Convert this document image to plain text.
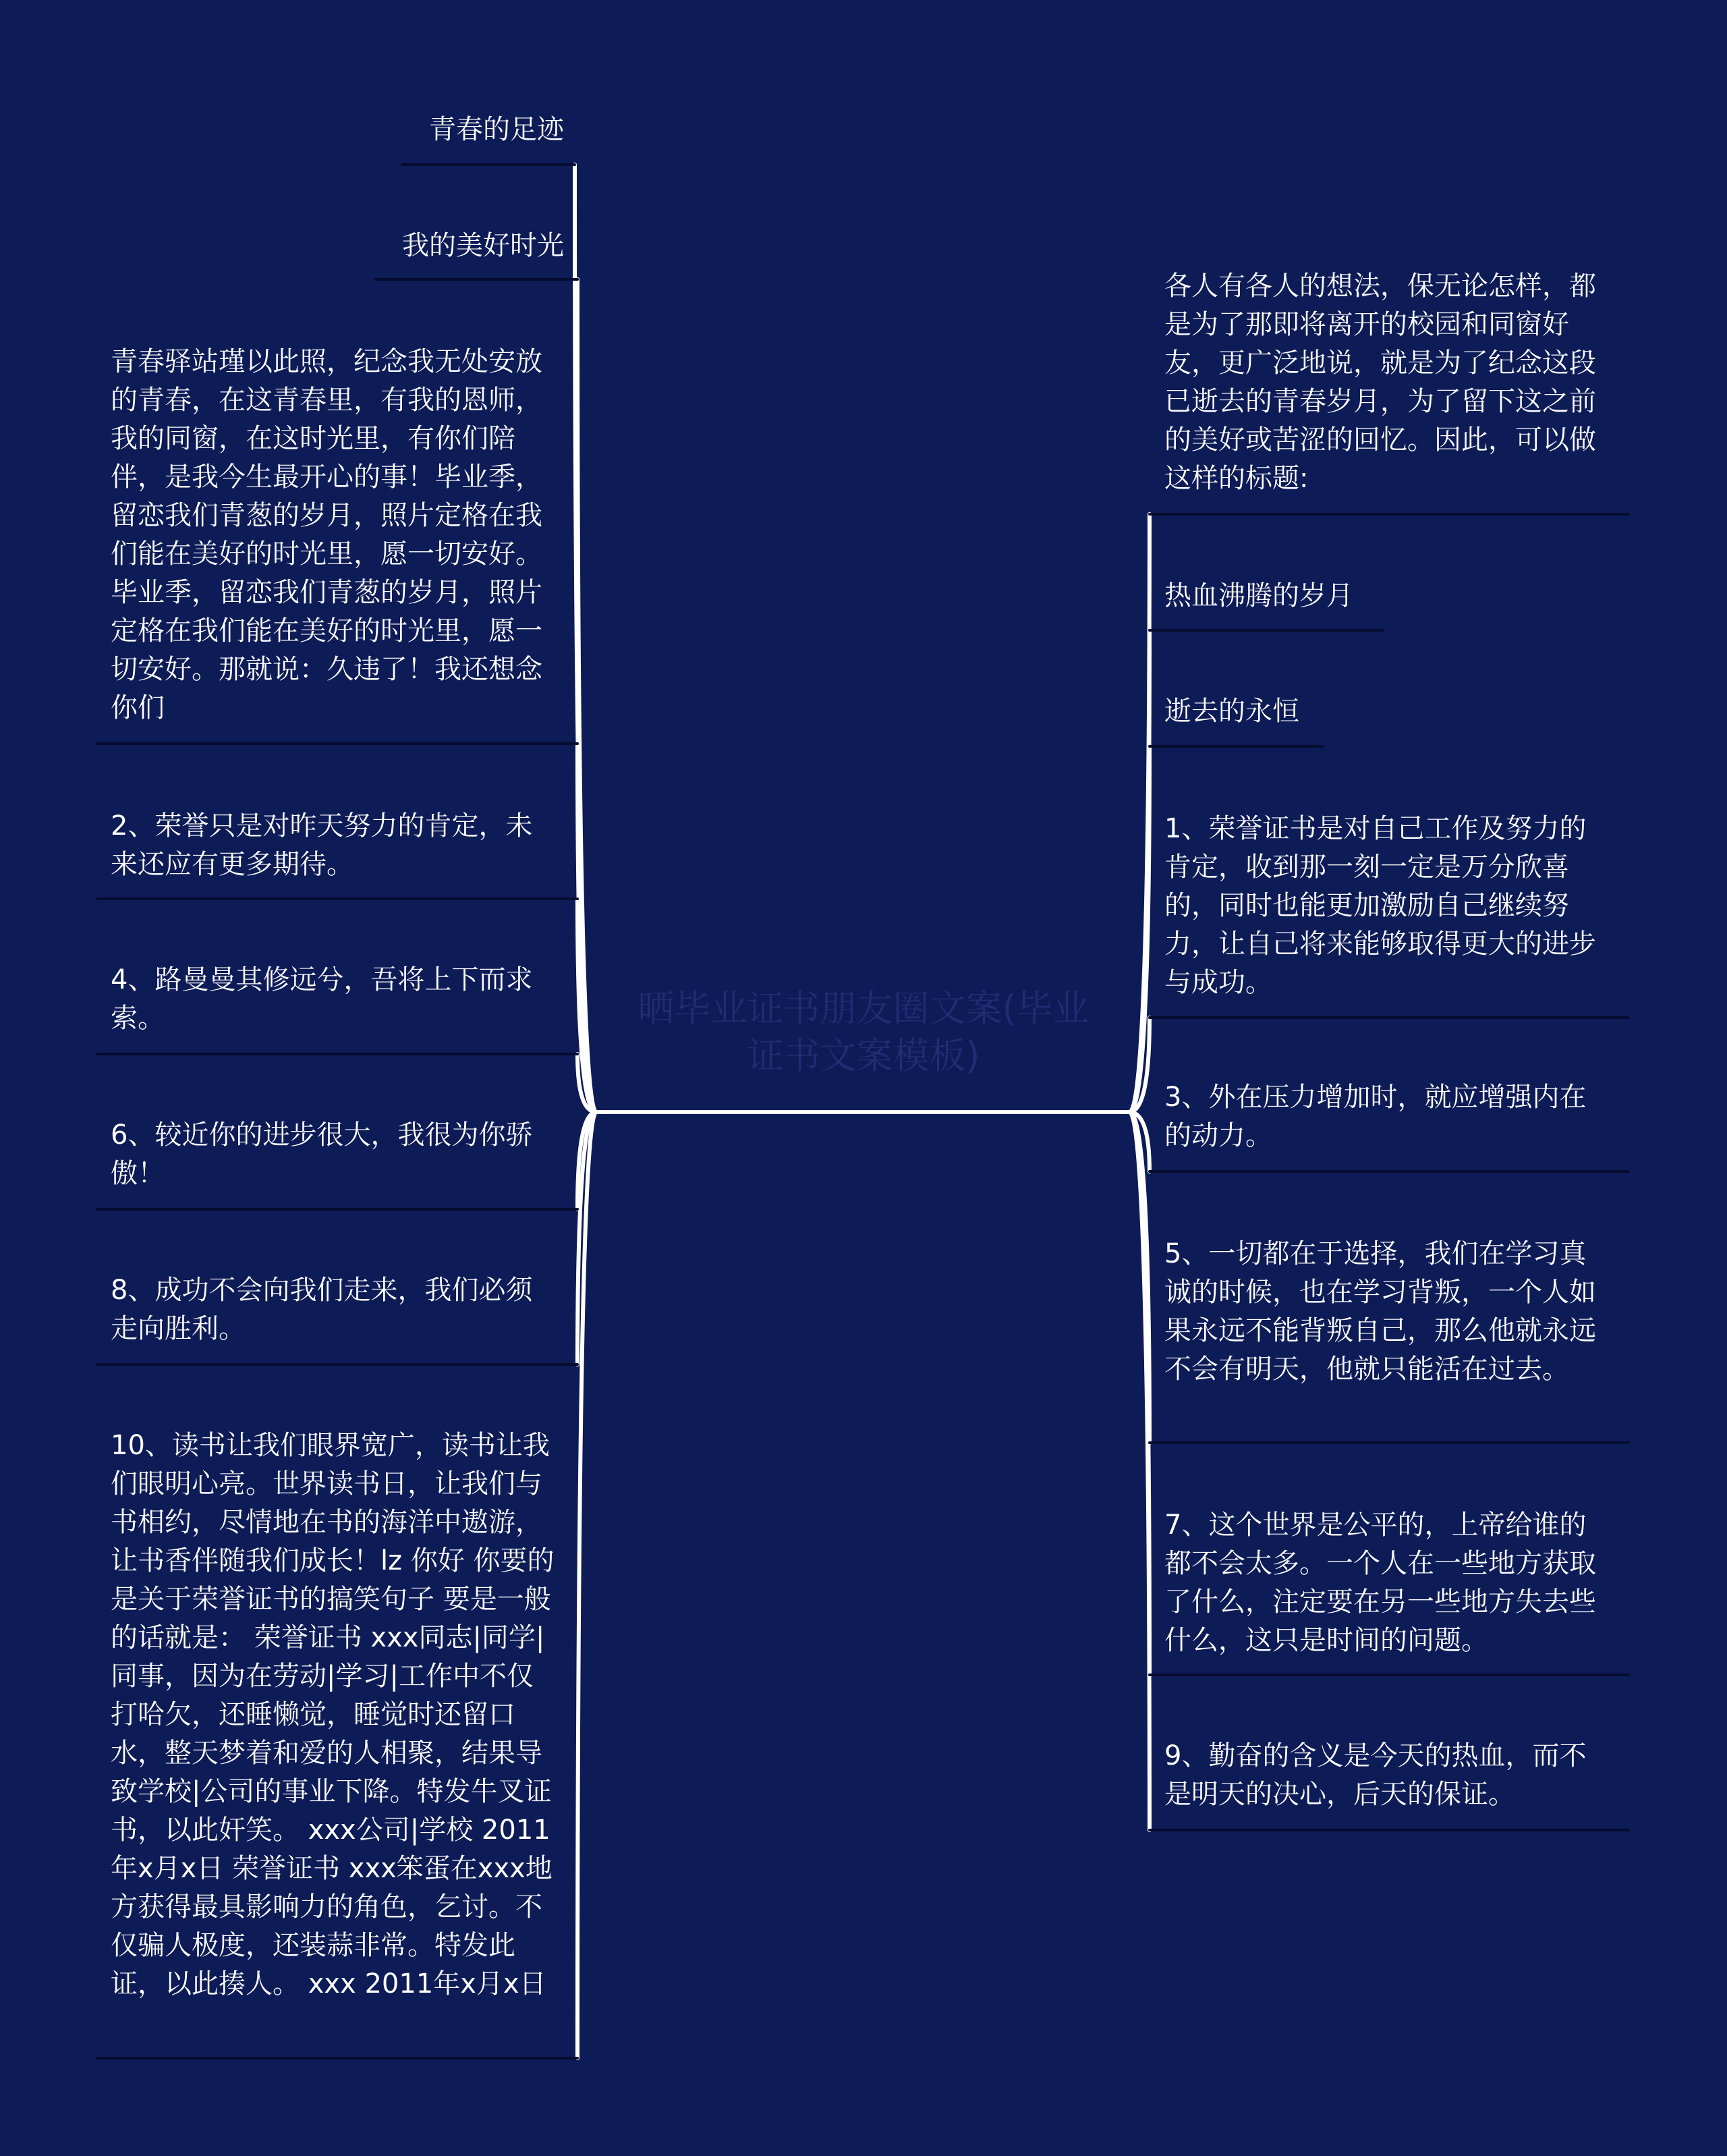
晒毕业证书朋友圈文案(毕业证书文案模板)
青春的足迹
我的美好时光
青春驿站瑾以此照，纪念我无处安放的青春，在这青春里，有我的恩师，我的同窗，在这时光里，有你们陪伴，是我今生最开心的事！毕业季，留恋我们青葱的岁月，照片定格在我们能在美好的时光里，愿一切安好。毕业季，留恋我们青葱的岁月，照片定格在我们能在美好的时光里，愿一切安好。那就说：久违了！我还想念你们
2、荣誉只是对昨天努力的肯定，未来还应有更多期待。
4、路曼曼其修远兮，吾将上下而求索。
6、较近你的进步很大，我很为你骄傲！
8、成功不会向我们走来，我们必须走向胜利。
10、读书让我们眼界宽广，读书让我们眼明心亮。世界读书日，让我们与书相约，尽情地在书的海洋中遨游，让书香伴随我们成长！lz 你好 你要的是关于荣誉证书的搞笑句子 要是一般的话就是： 荣誉证书 xxx同志|同学|同事，因为在劳动|学习|工作中不仅打哈欠，还睡懒觉，睡觉时还留口水，整天梦着和爱的人相聚，结果导致学校|公司的事业下降。特发牛叉证书，以此奸笑。 xxx公司|学校 2011年x月x日 荣誉证书 xxx笨蛋在xxx地方获得最具影响力的角色，乞讨。不仅骗人极度，还装蒜非常。特发此证，以此揍人。 xxx 2011年x月x日
各人有各人的想法，保无论怎样，都是为了那即将离开的校园和同窗好友，更广泛地说，就是为了纪念这段已逝去的青春岁月，为了留下这之前的美好或苦涩的回忆。因此，可以做这样的标题:
热血沸腾的岁月
逝去的永恒
1、荣誉证书是对自己工作及努力的肯定，收到那一刻一定是万分欣喜的，同时也能更加激励自己继续努力，让自己将来能够取得更大的进步与成功。
3、外在压力增加时，就应增强内在的动力。
5、一切都在于选择，我们在学习真诚的时候，也在学习背叛，一个人如果永远不能背叛自己，那么他就永远不会有明天，他就只能活在过去。
7、这个世界是公平的，上帝给谁的都不会太多。一个人在一些地方获取了什么，注定要在另一些地方失去些什么，这只是时间的问题。
9、勤奋的含义是今天的热血，而不是明天的决心，后天的保证。
